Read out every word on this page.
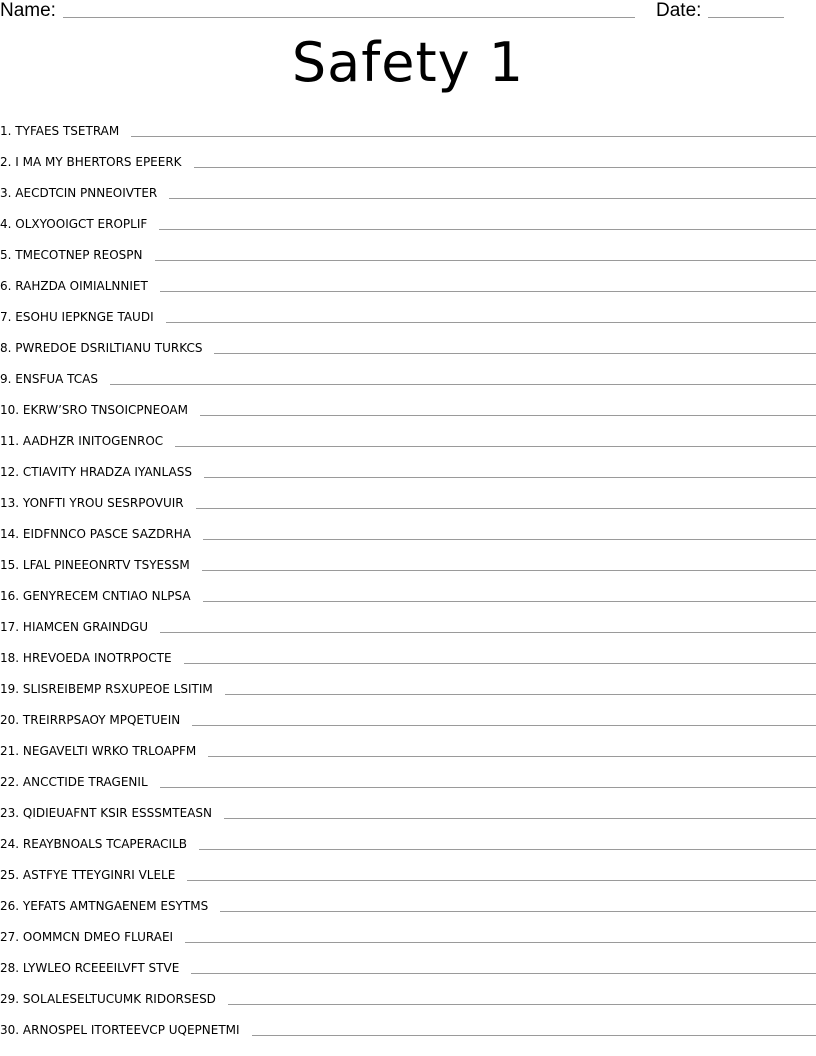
Name:	Date:
Safety 1
1. TYFAES TSETRAM
2. I MA MY BHERTORS EPEERK
3. AECDTCIN PNNEOIVTER
4. OLXYOOIGCT EROPLIF
5. TMECOTNEP REOSPN
6. RAHZDA OIMIALNNIET
7. ESOHU IEPKNGE TAUDI
8. PWREDOE DSRILTIANU TURKCS
9. ENSFUA TCAS
10. EKRW’SRO TNSOICPNEOAM
11. AADHZR INITOGENROC
12. CTIAVITY HRADZA IYANLASS
13. YONFTI YROU SESRPOVUIR
14. EIDFNNCO PASCE SAZDRHA
15. LFAL PINEEONRTV TSYESSM
16. GENYRECEM CNTIAO NLPSA
17. HIAMCEN GRAINDGU
18. HREVOEDA INOTRPOCTE
19. SLISREIBEMP RSXUPEOE LSITIM
20. TREIRRPSAOY MPQETUEIN
21. NEGAVELTI WRKO TRLOAPFM
22. ANCCTIDE TRAGENIL
23. QIDIEUAFNT KSIR ESSSMTEASN
24. REAYBNOALS TCAPERACILB
25. ASTFYE TTEYGINRI VLELE
26. YEFATS AMTNGAENEM ESYTMS
27. OOMMCN DMEO FLURAEI
28. LYWLEO RCEEEILVFT STVE
29. SOLALESELTUCUMK RIDORSESD
30. ARNOSPEL ITORTEEVCP UQEPNETMI
